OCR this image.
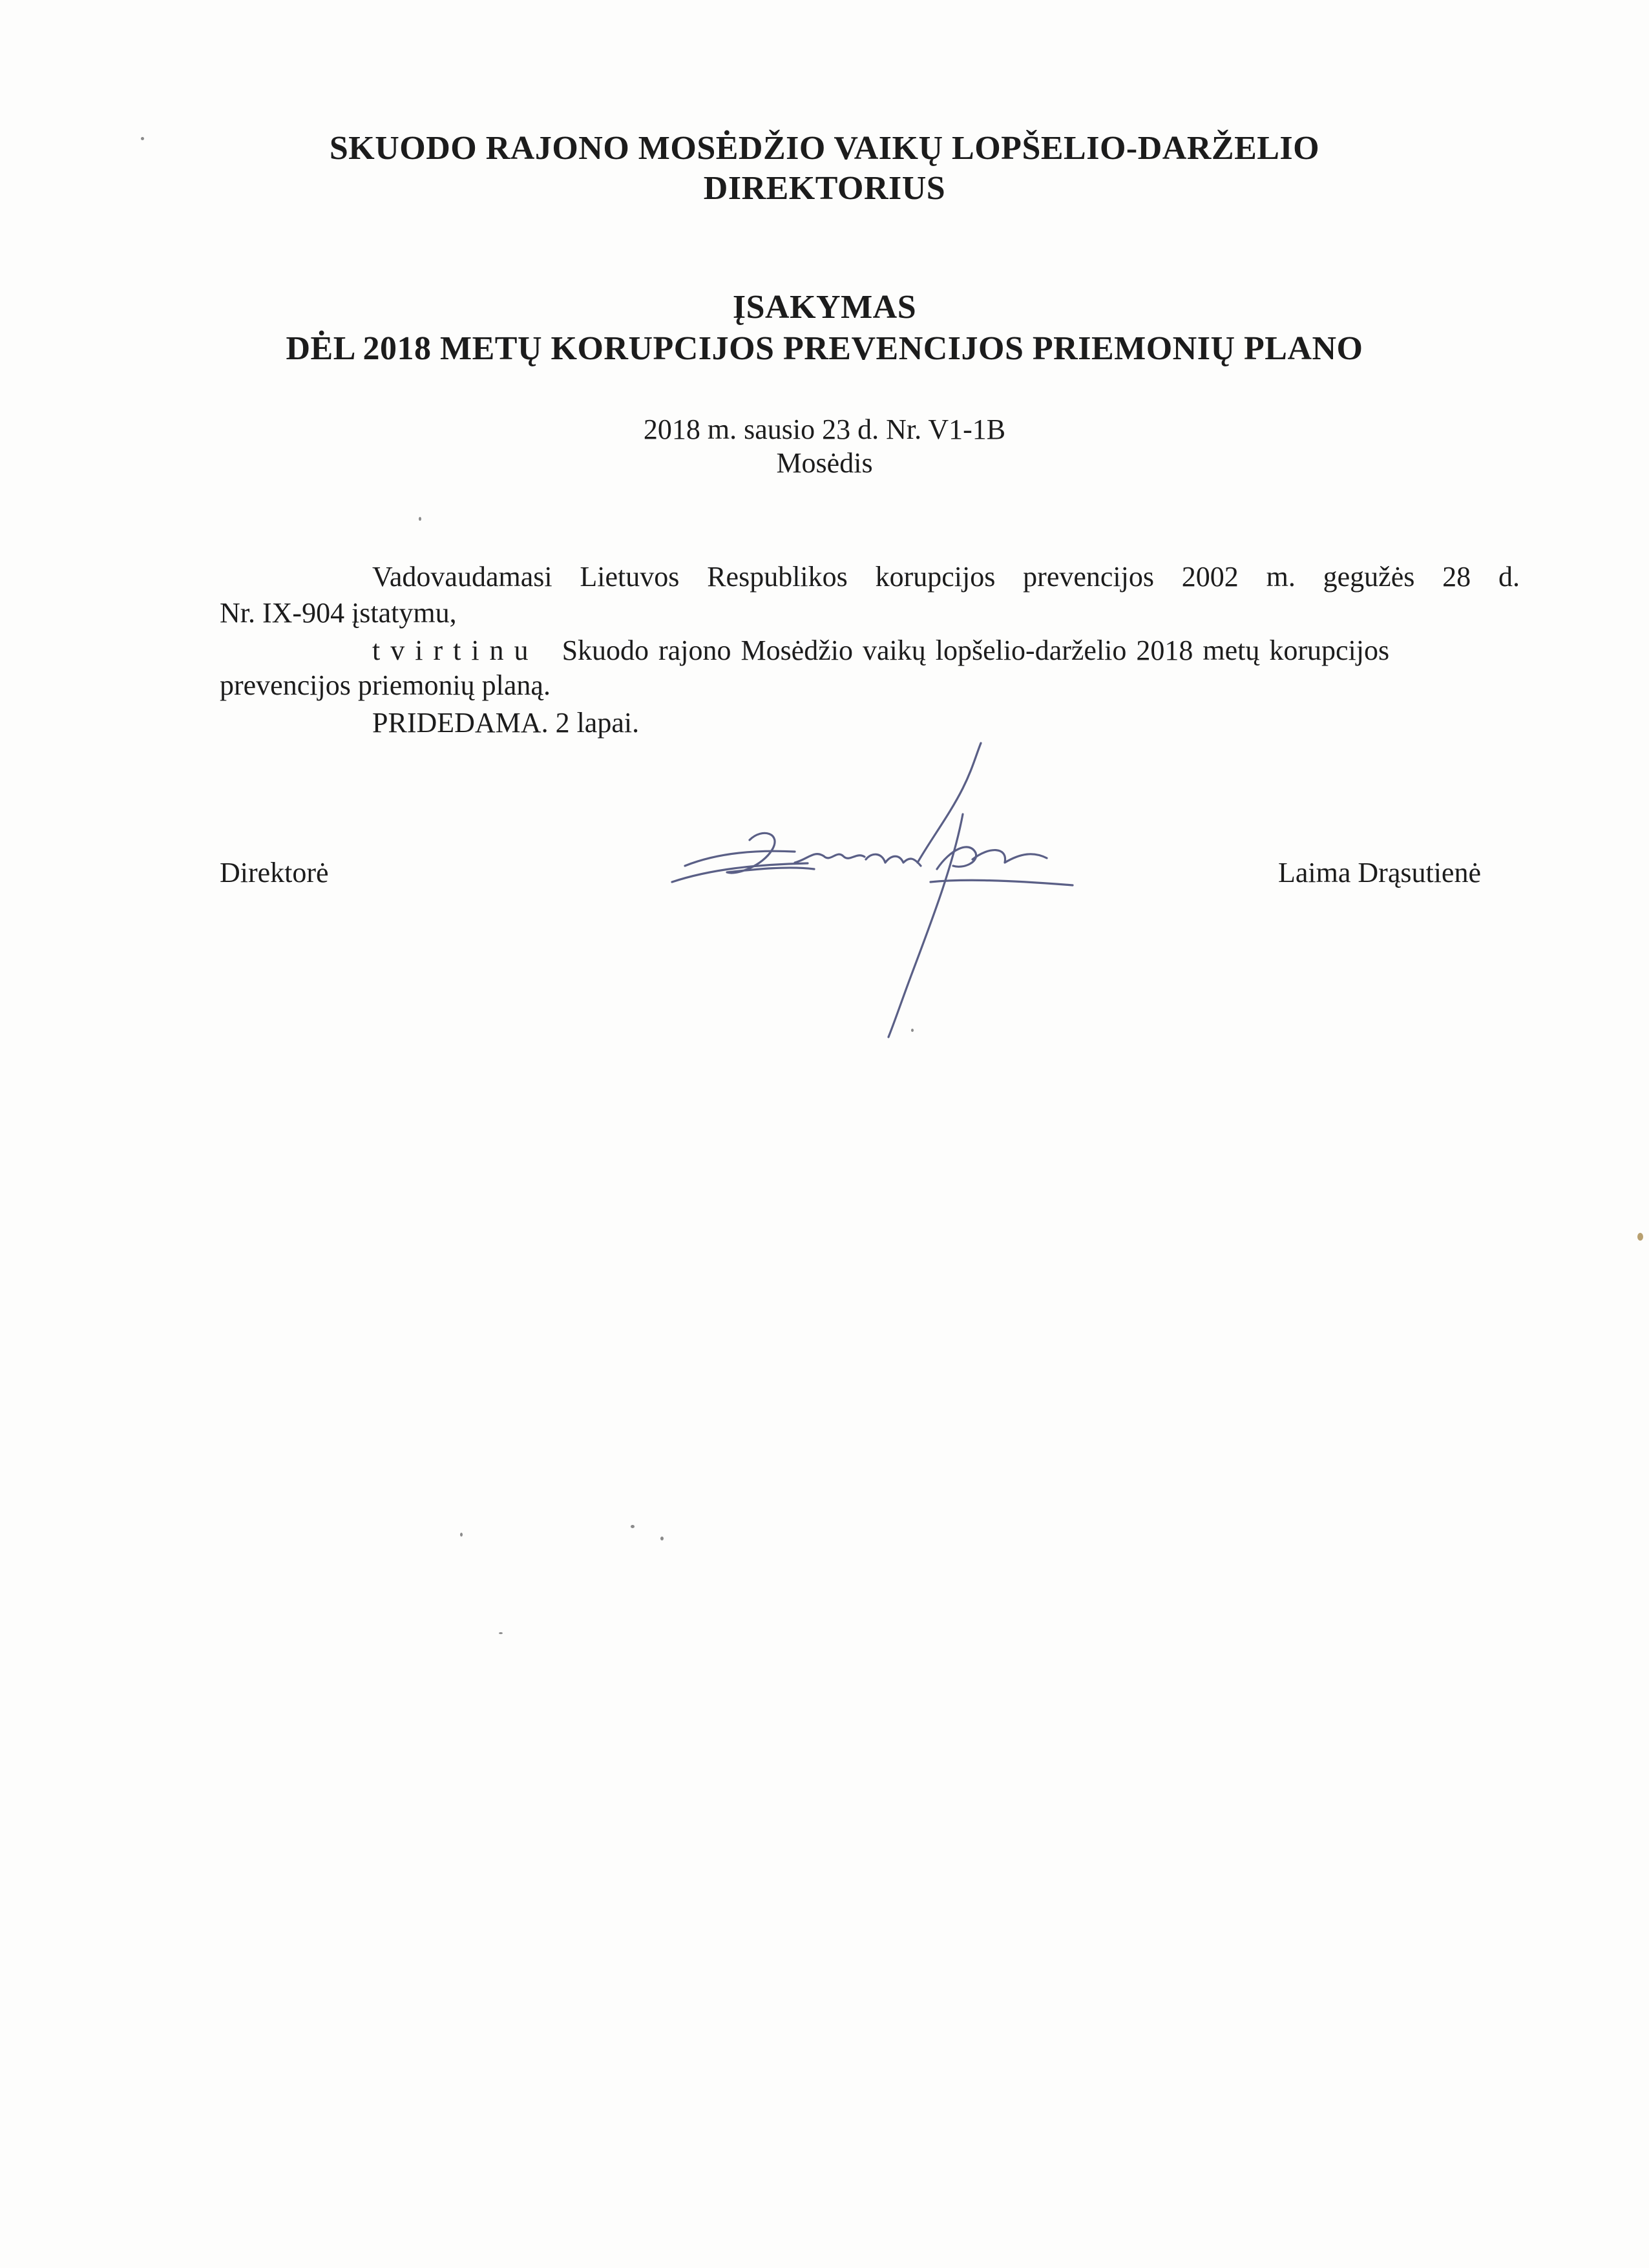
SKUODO RAJONO MOSĖDŽIO VAIKŲ LOPŠELIO-DARŽELIO
DIREKTORIUS
ĮSAKYMAS
DĖL 2018 METŲ KORUPCIJOS PREVENCIJOS PRIEMONIŲ PLANO
2018 m. sausio 23 d. Nr. V1-1B
Mosėdis
Vadovaudamasi Lietuvos Respublikos korupcijos prevencijos 2002 m. gegužės 28 d.
Nr. IX-904 įstatymu,
tvirtinu Skuodo rajono Mosėdžio vaikų lopšelio-darželio 2018 metų korupcijos
prevencijos priemonių planą.
PRIDEDAMA. 2 lapai.
Direktorė	Laima Drąsutienė
